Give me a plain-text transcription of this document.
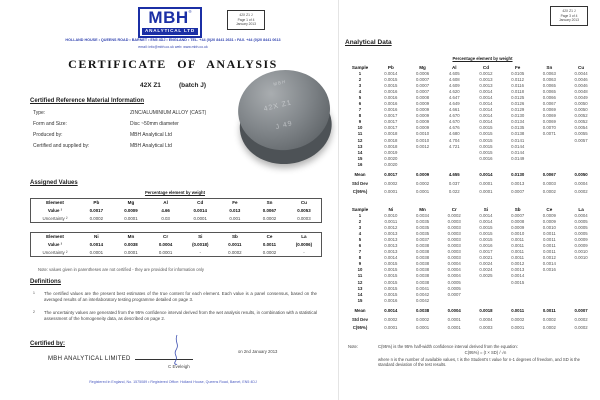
MBH®
ANALYTICAL LTD
42X Z1 J
Page 1 of 4
January 2013
HOLLAND HOUSE • QUEENS ROAD • BARNET • EN5 4DJ • ENGLAND • TEL. +44 (0)20 8441 2631 • FAX. +44 (0)20 8441 0613
email: info@mbh.co.uk web: www.mbh.co.uk
CERTIFICATE OF ANALYSIS
42X Z1	(batch J)
Certified Reference Material Information
Type:	ZINC/ALUMINIUM ALLOY (CAST)
Form and Size:	Disc ~50mm diameter
Produced by:	MBH Analytical Ltd
Certified and supplied by:	MBH Analytical Ltd
MBH
42X Z1
J 49
Assigned Values
Percentage element by weight
Element	Pb	Mg	Al	Cd	Fe	Sn	Cu
Value ¹	0.0017	0.0009	4.66	0.0014	0.013	0.0067	0.0053
Uncertainty ²	0.0002	0.0001	0.03	0.0001	0.001	0.0002	0.0003
Element	Ni	Mn	Cr	Si	Sb	Ce	La
Value ¹	0.0014	0.0038	0.0004	(0.0018)	0.0011	0.0011	(0.0006)
Uncertainty ²	0.0001	0.0001	0.0001	-	0.0002	0.0002	-
Note: values given in parentheses are not certified - they are provided for information only
Definitions
1 The certified values are the present best estimates of the true content for each element. Each value is a panel consensus, based on the averaged results of an interlaboratory testing programme detailed on page 3.
2 The uncertainty values are generated from the 95% confidence interval derived from the wet analysis results, in combination with a statistical assessment of the homogeneity data, as described on page 2.
Certified by:
MBH ANALYTICAL LIMITED
C Eveleigh
on 2nd January 2013
Registered in England, No. 1575089 • Registered Office: Holland House, Queens Road, Barnet, EN5 4DJ
42X Z1 J
Page 3 of 4
January 2013
Analytical Data
Percentage element by weight
Sample	Pb	Mg	Al	Cd	Fe	Sn	Cu
1	0.0014	0.0006	4.605	0.0012	0.0105	0.0063	0.0044
2	0.0015	0.0007	4.608	0.0013	0.0112	0.0063	0.0046
3	0.0015	0.0007	4.609	0.0013	0.0116	0.0065	0.0046
4	0.0016	0.0007	4.620	0.0014	0.0118	0.0065	0.0048
5	0.0016	0.0008	4.647	0.0014	0.0125	0.0066	0.0049
6	0.0016	0.0009	4.649	0.0014	0.0126	0.0067	0.0050
7	0.0016	0.0009	4.661	0.0014	0.0129	0.0069	0.0050
8	0.0017	0.0009	4.670	0.0014	0.0130	0.0069	0.0052
9	0.0017	0.0009	4.670	0.0014	0.0134	0.0069	0.0052
10	0.0017	0.0009	4.676	0.0015	0.0135	0.0070	0.0054
11	0.0018	0.0010	4.680	0.0015	0.0138	0.0071	0.0055
12	0.0018	0.0010	4.704	0.0015	0.0141		0.0057
13	0.0018	0.0012	4.721	0.0015	0.0144		
14	0.0019			0.0015	0.0144		
15	0.0020			0.0016	0.0149		
16	0.0020						
Mean	0.0017	0.0009	4.655	0.0014	0.0130	0.0067	0.0050
Std Dev	0.0002	0.0002	0.037	0.0001	0.0013	0.0003	0.0004
C(95%)	0.0001	0.0001	0.022	0.0001	0.0007	0.0002	0.0002
Sample	Ni	Mn	Cr	Si	Sb	Ce	La
1	0.0010	0.0034	0.0002	0.0014	0.0007	0.0009	0.0004
2	0.0011	0.0035	0.0003	0.0014	0.0008	0.0009	0.0005
3	0.0012	0.0035	0.0003	0.0015	0.0009	0.0010	0.0005
4	0.0013	0.0035	0.0003	0.0015	0.0010	0.0011	0.0005
5	0.0013	0.0037	0.0003	0.0015	0.0011	0.0011	0.0009
6	0.0013	0.0038	0.0003	0.0016	0.0011	0.0011	0.0009
7	0.0013	0.0038	0.0003	0.0017	0.0011	0.0011	0.0010
8	0.0014	0.0038	0.0003	0.0021	0.0011	0.0012	0.0010
9	0.0015	0.0038	0.0004	0.0024	0.0012	0.0014	
10	0.0015	0.0038	0.0004	0.0024	0.0013	0.0016	
11	0.0015	0.0038	0.0004	0.0025	0.0014		
12	0.0015	0.0038	0.0005		0.0015		
13	0.0015	0.0041	0.0005				
14	0.0015	0.0042	0.0007				
15	0.0016	0.0042					
Mean	0.0014	0.0038	0.0004	0.0018	0.0011	0.0011	0.0007
Std Dev	0.0002	0.0002	0.0001	0.0004	0.0002	0.0002	0.0002
C(95%)	0.0001	0.0001	0.0001	0.0003	0.0001	0.0002	0.0002
Note:	C(95%) is the 95% half-width confidence interval derived from the equation:
C(95%) = (t × SD) / √n
where n is the number of available values, t is the Student's t value for n-1 degrees of freedom, and SD is the standard deviation of the test results.
